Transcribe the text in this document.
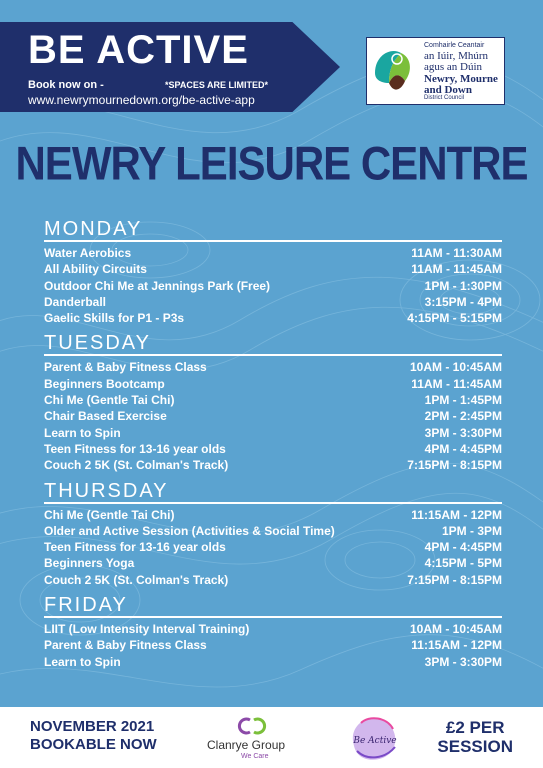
BE ACTIVE
Book now on -	*SPACES ARE LIMITED*
www.newrymournedown.org/be-active-app
Comhairle Ceantair
an Iúir, Mhúrn
agus an Dúin
Newry, Mourne
and Down
District Council
NEWRY LEISURE CENTRE
MONDAY
Water Aerobics	11AM - 11:30AM
All Ability Circuits	11AM - 11:45AM
Outdoor Chi Me at Jennings Park (Free)	1PM - 1:30PM
Danderball	3:15PM - 4PM
Gaelic Skills for P1 - P3s	4:15PM - 5:15PM
TUESDAY
Parent & Baby Fitness Class	10AM - 10:45AM
Beginners Bootcamp	11AM - 11:45AM
Chi Me (Gentle Tai Chi)	1PM - 1:45PM
Chair Based Exercise	2PM - 2:45PM
Learn to Spin	3PM - 3:30PM
Teen Fitness for 13-16 year olds	4PM - 4:45PM
Couch 2 5K (St. Colman's Track)	7:15PM - 8:15PM
THURSDAY
Chi Me (Gentle Tai Chi)	11:15AM - 12PM
Older and Active Session (Activities & Social Time)	1PM - 3PM
Teen Fitness for 13-16 year olds	4PM - 4:45PM
Beginners Yoga	4:15PM - 5PM
Couch 2 5K (St. Colman's Track)	7:15PM - 8:15PM
FRIDAY
LIIT (Low Intensity Interval Training)	10AM - 10:45AM
Parent & Baby Fitness Class	11:15AM - 12PM
Learn to Spin	3PM - 3:30PM
NOVEMBER 2021
BOOKABLE NOW	Clanrye Group
We Care
Be Active
£2 PER
SESSION
